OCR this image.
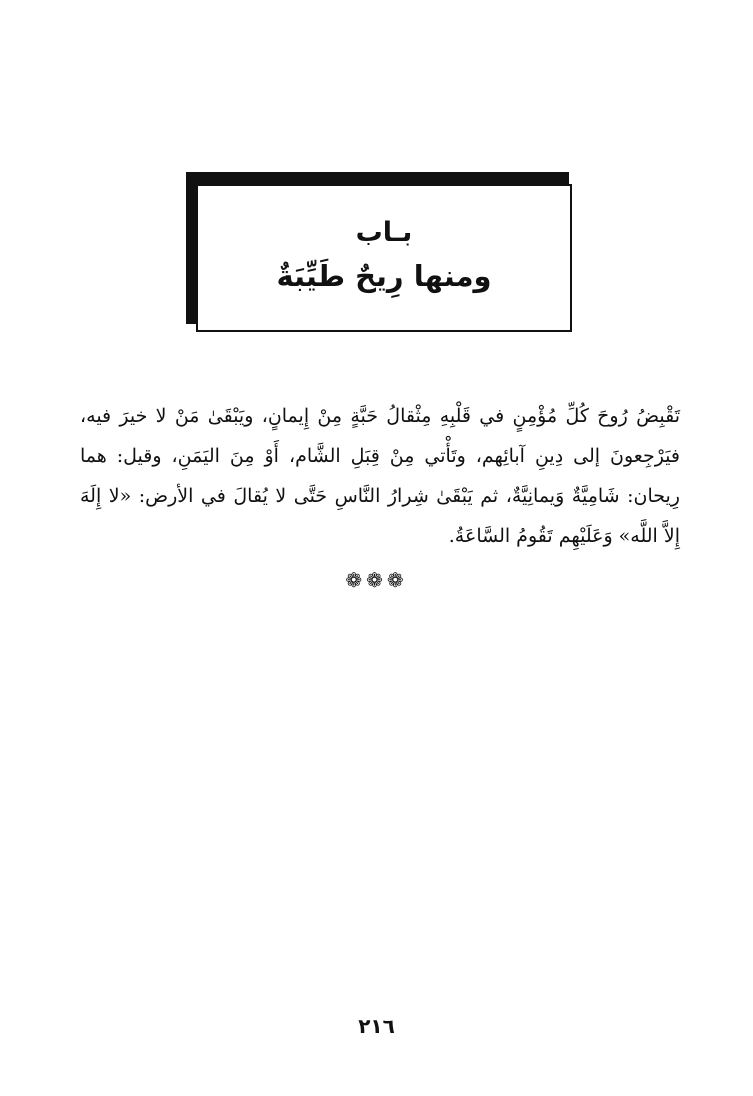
بـاب
ومنها رِيحٌ طَيِّبَةٌ

تَقْبِضُ رُوحَ كُلِّ مُؤْمِنٍ في قَلْبِهِ مِثْقالُ حَبَّةٍ مِنْ إِيمانٍ، ويَبْقَىٰ مَنْ لا خيرَ فيه، فيَرْجِعونَ إلى دِينِ آبائِهم، وتَأْتي مِنْ قِبَلِ الشَّام، أَوْ مِنَ اليَمَنِ، وقيل: هما رِيحان: شَامِيَّةٌ وَيمانِيَّةٌ، ثم يَبْقَىٰ شِرارُ النَّاسِ حَتَّى لا يُقالَ في الأرض: «لا إِلَهَ إِلاَّ اللَّه» وَعَلَيْهِم تَقُومُ السَّاعَةُ.

❁❁❁
٢١٦
